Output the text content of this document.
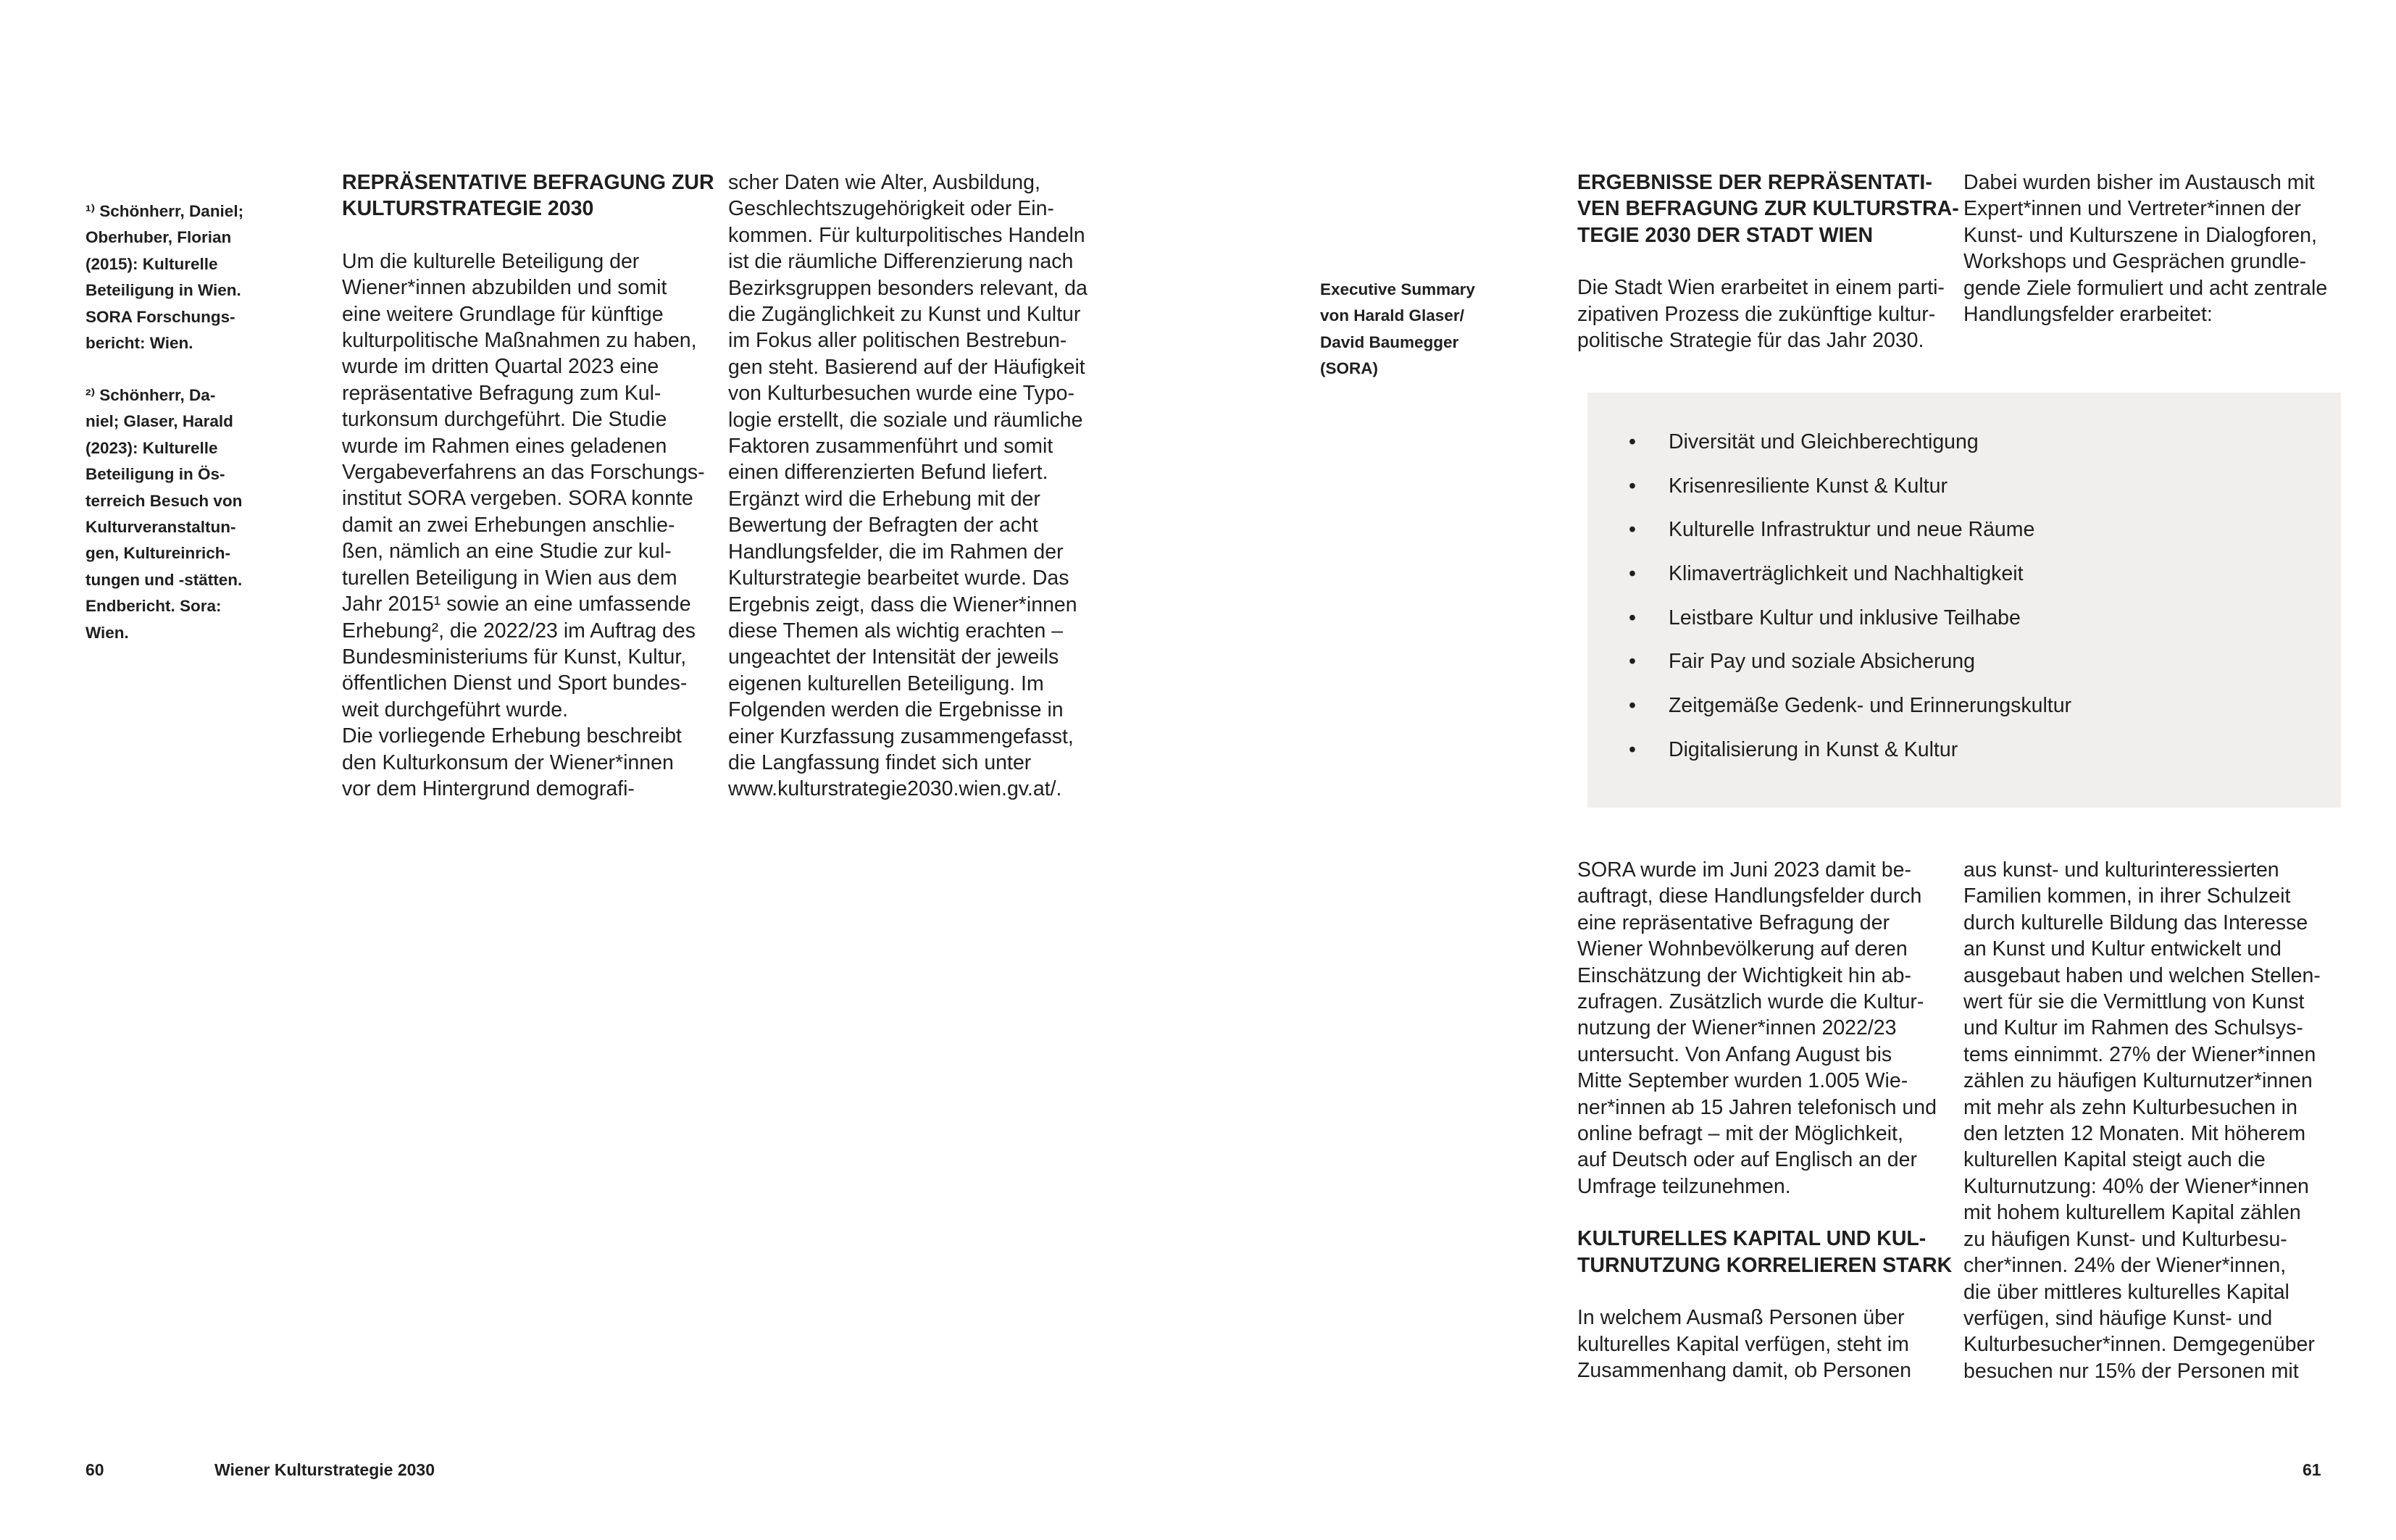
¹⁾ Schönherr, Daniel;
Oberhuber, Florian
(2015): Kulturelle
Beteiligung in Wien.
SORA Forschungs-
bericht: Wien.
²⁾ Schönherr, Da-
niel; Glaser, Harald
(2023): Kulturelle
Beteiligung in Ös-
terreich Besuch von
Kulturveranstaltun-
gen, Kultureinrich-
tungen und -stätten.
Endbericht. Sora:
Wien.
REPRÄSENTATIVE BEFRAGUNG ZUR
KULTURSTRATEGIE 2030
Um die kulturelle Beteiligung der
Wiener*innen abzubilden und somit
eine weitere Grundlage für künftige
kulturpolitische Maßnahmen zu haben,
wurde im dritten Quartal 2023 eine
repräsentative Befragung zum Kul-
turkonsum durchgeführt. Die Studie
wurde im Rahmen eines geladenen
Vergabeverfahrens an das Forschungs-
institut SORA vergeben. SORA konnte
damit an zwei Erhebungen anschlie-
ßen, nämlich an eine Studie zur kul-
turellen Beteiligung in Wien aus dem
Jahr 2015¹ sowie an eine umfassende
Erhebung², die 2022/23 im Auftrag des
Bundesministeriums für Kunst, Kultur,
öffentlichen Dienst und Sport bundes-
weit durchgeführt wurde.
Die vorliegende Erhebung beschreibt
den Kulturkonsum der Wiener*innen
vor dem Hintergrund demografi-
scher Daten wie Alter, Ausbildung,
Geschlechtszugehörigkeit oder Ein-
kommen. Für kulturpolitisches Handeln
ist die räumliche Differenzierung nach
Bezirksgruppen besonders relevant, da
die Zugänglichkeit zu Kunst und Kultur
im Fokus aller politischen Bestrebun-
gen steht. Basierend auf der Häufigkeit
von Kulturbesuchen wurde eine Typo-
logie erstellt, die soziale und räumliche
Faktoren zusammenführt und somit
einen differenzierten Befund liefert.
Ergänzt wird die Erhebung mit der
Bewertung der Befragten der acht
Handlungsfelder, die im Rahmen der
Kulturstrategie bearbeitet wurde. Das
Ergebnis zeigt, dass die Wiener*innen
diese Themen als wichtig erachten –
ungeachtet der Intensität der jeweils
eigenen kulturellen Beteiligung. Im
Folgenden werden die Ergebnisse in
einer Kurzfassung zusammengefasst,
die Langfassung findet sich unter
www.kulturstrategie2030.wien.gv.at/.
60	Wiener Kulturstrategie 2030
Executive Summary
von Harald Glaser/
David Baumegger
(SORA)
ERGEBNISSE DER REPRÄSENTATI-
VEN BEFRAGUNG ZUR KULTURSTRA-
TEGIE 2030 DER STADT WIEN
Die Stadt Wien erarbeitet in einem parti-
zipativen Prozess die zukünftige kultur-
politische Strategie für das Jahr 2030.
Dabei wurden bisher im Austausch mit
Expert*innen und Vertreter*innen der
Kunst- und Kulturszene in Dialogforen,
Workshops und Gesprächen grundle-
gende Ziele formuliert und acht zentrale
Handlungsfelder erarbeitet:
• Diversität und Gleichberechtigung
• Krisenresiliente Kunst & Kultur
• Kulturelle Infrastruktur und neue Räume
• Klimaverträglichkeit und Nachhaltigkeit
• Leistbare Kultur und inklusive Teilhabe
• Fair Pay und soziale Absicherung
• Zeitgemäße Gedenk- und Erinnerungskultur
• Digitalisierung in Kunst & Kultur
SORA wurde im Juni 2023 damit be-
auftragt, diese Handlungsfelder durch
eine repräsentative Befragung der
Wiener Wohnbevölkerung auf deren
Einschätzung der Wichtigkeit hin ab-
zufragen. Zusätzlich wurde die Kultur-
nutzung der Wiener*innen 2022/23
untersucht. Von Anfang August bis
Mitte September wurden 1.005 Wie-
ner*innen ab 15 Jahren telefonisch und
online befragt – mit der Möglichkeit,
auf Deutsch oder auf Englisch an der
Umfrage teilzunehmen.
KULTURELLES KAPITAL UND KUL-
TURNUTZUNG KORRELIEREN STARK
In welchem Ausmaß Personen über
kulturelles Kapital verfügen, steht im
Zusammenhang damit, ob Personen
aus kunst- und kulturinteressierten
Familien kommen, in ihrer Schulzeit
durch kulturelle Bildung das Interesse
an Kunst und Kultur entwickelt und
ausgebaut haben und welchen Stellen-
wert für sie die Vermittlung von Kunst
und Kultur im Rahmen des Schulsys-
tems einnimmt. 27% der Wiener*innen
zählen zu häufigen Kulturnutzer*innen
mit mehr als zehn Kulturbesuchen in
den letzten 12 Monaten. Mit höherem
kulturellen Kapital steigt auch die
Kulturnutzung: 40% der Wiener*innen
mit hohem kulturellem Kapital zählen
zu häufigen Kunst- und Kulturbesu-
cher*innen. 24% der Wiener*innen,
die über mittleres kulturelles Kapital
verfügen, sind häufige Kunst- und
Kulturbesucher*innen. Demgegenüber
besuchen nur 15% der Personen mit
61
